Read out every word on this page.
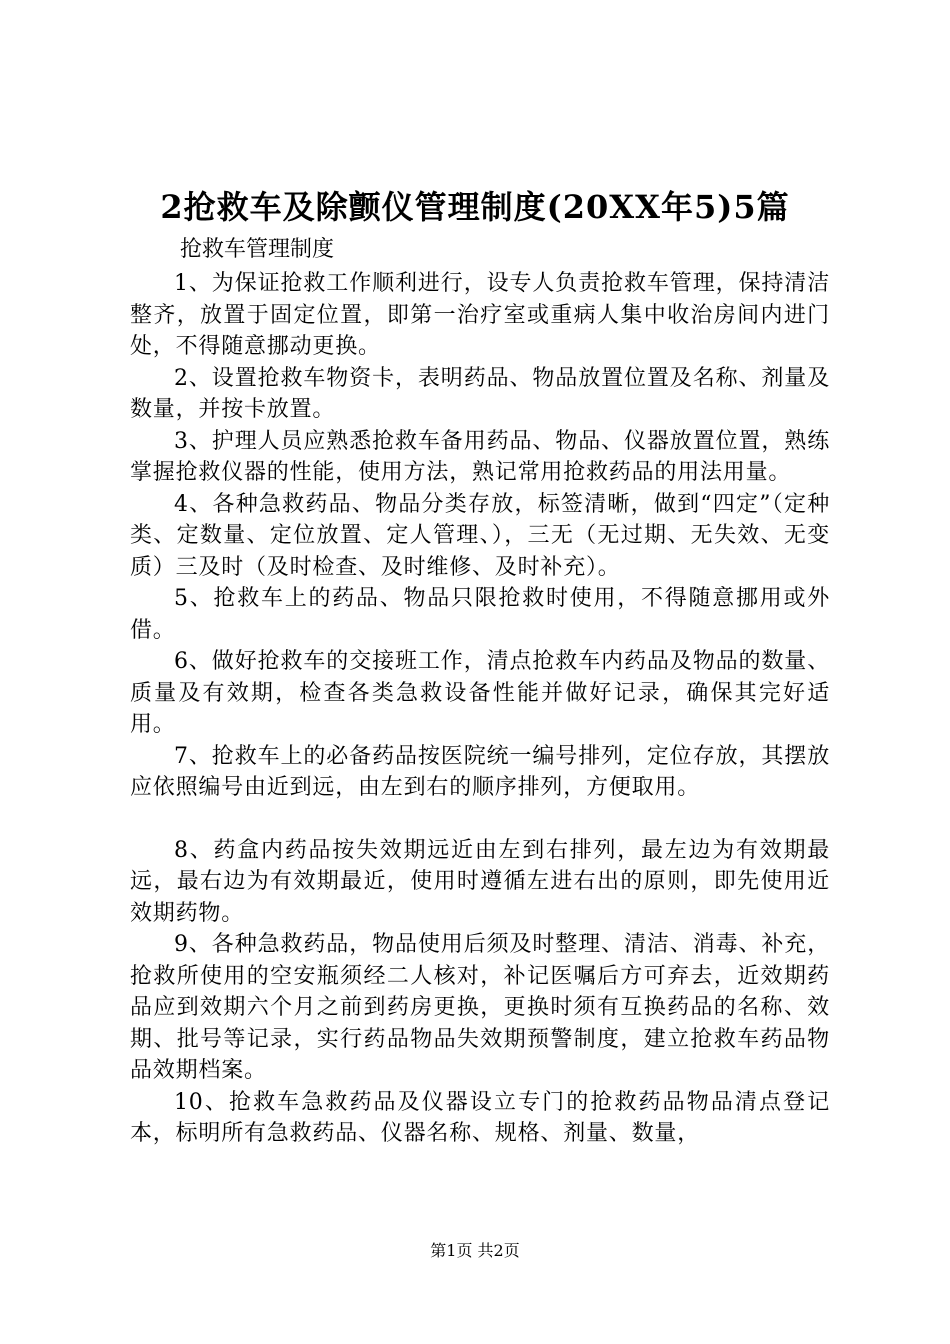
2抢救车及除颤仪管理制度(20XX年5)5篇
抢救车管理制度

1、为保证抢救工作顺利进行，设专人负责抢救车管理，保持清洁整齐，放置于固定位置，即第一治疗室或重病人集中收治房间内进门处，不得随意挪动更换。

2、设置抢救车物资卡，表明药品、物品放置位置及名称、剂量及数量，并按卡放置。

3、护理人员应熟悉抢救车备用药品、物品、仪器放置位置，熟练掌握抢救仪器的性能，使用方法，熟记常用抢救药品的用法用量。

4、各种急救药品、物品分类存放，标签清晰，做到“四定”（定种类、定数量、定位放置、定人管理、），三无（无过期、无失效、无变质）三及时（及时检查、及时维修、及时补充）。

5、抢救车上的药品、物品只限抢救时使用，不得随意挪用或外借。

6、做好抢救车的交接班工作，清点抢救车内药品及物品的数量、质量及有效期，检查各类急救设备性能并做好记录，确保其完好适用。

7、抢救车上的必备药品按医院统一编号排列，定位存放，其摆放应依照编号由近到远，由左到右的顺序排列，方便取用。

8、药盒内药品按失效期远近由左到右排列，最左边为有效期最远，最右边为有效期最近，使用时遵循左进右出的原则，即先使用近效期药物。

9、各种急救药品，物品使用后须及时整理、清洁、消毒、补充，抢救所使用的空安瓶须经二人核对，补记医嘱后方可弃去，近效期药品应到效期六个月之前到药房更换，更换时须有互换药品的名称、效期、批号等记录，实行药品物品失效期预警制度，建立抢救车药品物品效期档案。

10、抢救车急救药品及仪器设立专门的抢救药品物品清点登记本，标明所有急救药品、仪器名称、规格、剂量、数量，

第1页 共2页
